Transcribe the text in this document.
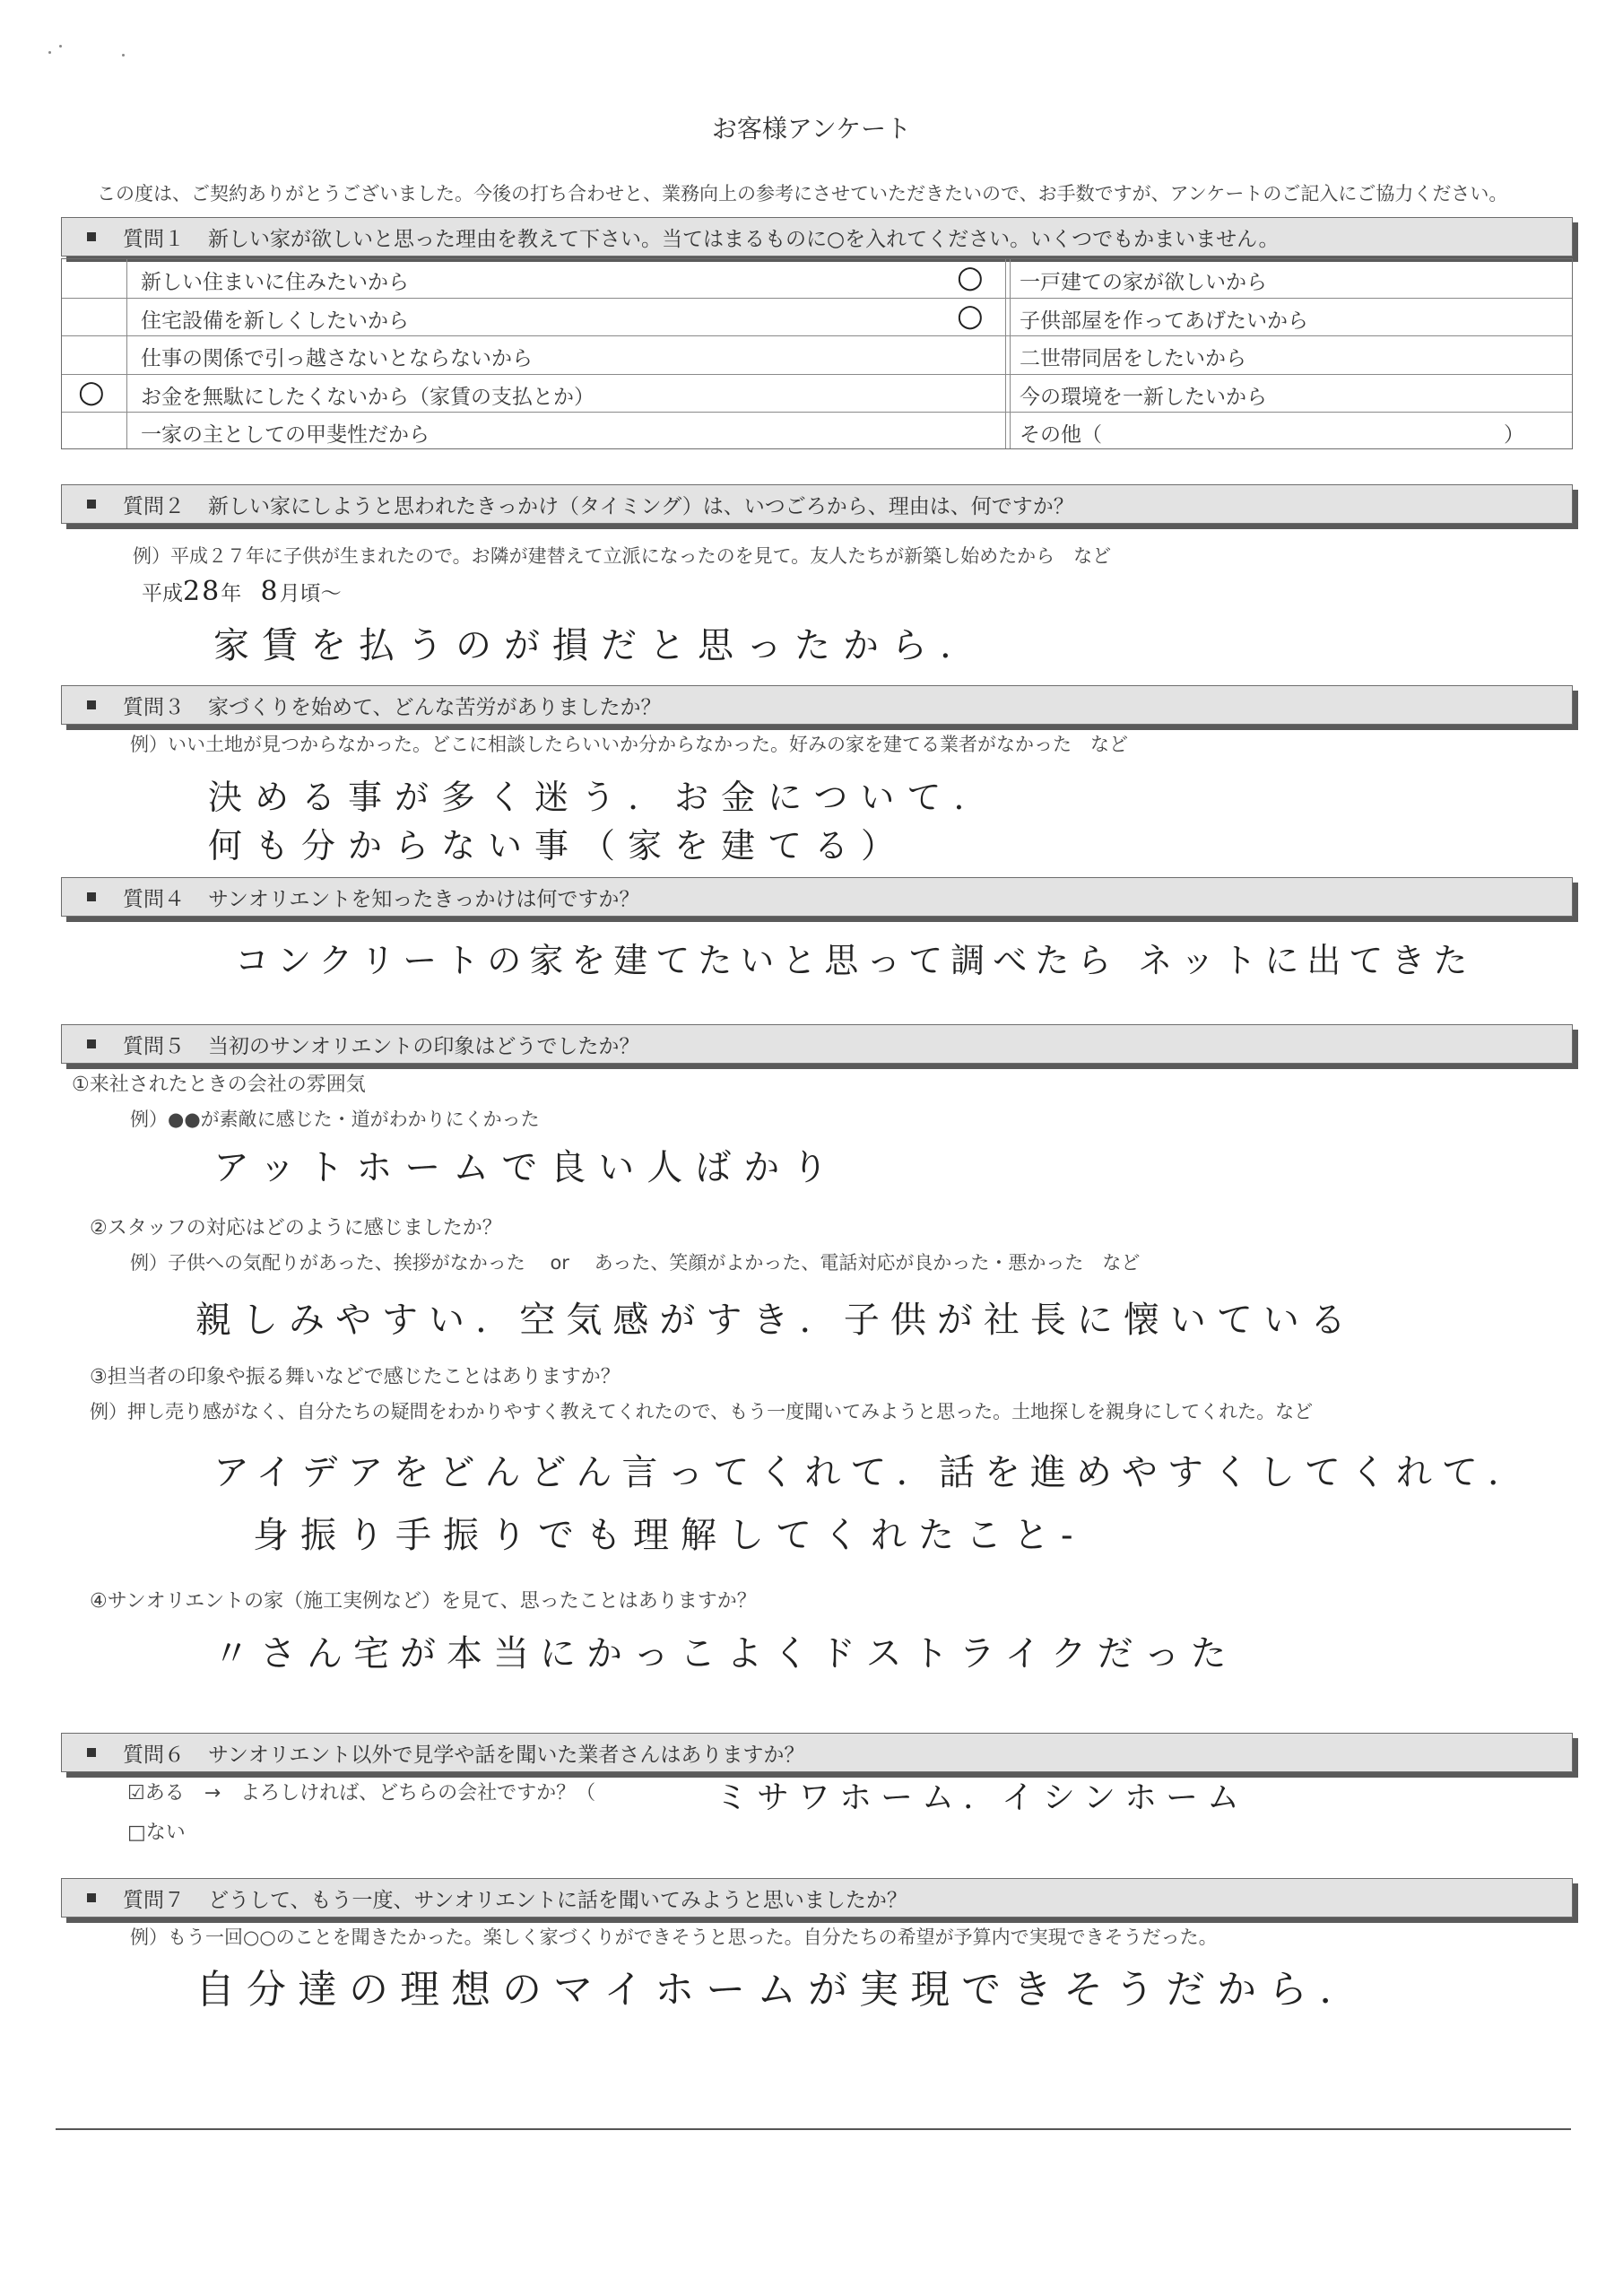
お客様アンケート
この度は、ご契約ありがとうございました。今後の打ち合わせと、業務向上の参考にさせていただきたいので、お手数ですが、アンケートのご記入にご協力ください。
質問１ 新しい家が欲しいと思った理由を教えて下さい。当てはまるものに○を入れてください。いくつでもかまいません。
新しい住まいに住みたいから	○ 一戸建ての家が欲しいから
住宅設備を新しくしたいから	○ 子供部屋を作ってあげたいから
仕事の関係で引っ越さないとならないから	二世帯同居をしたいから
○ お金を無駄にしたくないから（家賃の支払とか）	今の環境を一新したいから
一家の主としての甲斐性だから	その他（	）
質問２ 新しい家にしようと思われたきっかけ（タイミング）は、いつごろから、理由は、何ですか？
例）平成２７年に子供が生まれたので。お隣が建替えて立派になったのを見て。友人たちが新築し始めたから　など
平成28年 8月頃～
家賃を払うのが損だと思ったから.
質問３ 家づくりを始めて、どんな苦労がありましたか？
例）いい土地が見つからなかった。どこに相談したらいいか分からなかった。好みの家を建てる業者がなかった　など
決める事が多く迷う. お金について.
何も分からない事（家を建てる）
質問４ サンオリエントを知ったきっかけは何ですか？
コンクリートの家を建てたいと思って調べたら ネットに出てきた
質問５ 当初のサンオリエントの印象はどうでしたか？
①来社されたときの会社の雰囲気
例）●●が素敵に感じた・道がわかりにくかった
アットホームで良い人ばかり
②スタッフの対応はどのように感じましたか？
例）子供への気配りがあった、挨拶がなかった　 or 　あった、笑顔がよかった、電話対応が良かった・悪かった　など
親しみやすい. 空気感がすき. 子供が社長に懐いている
③担当者の印象や振る舞いなどで感じたことはありますか？
例）押し売り感がなく、自分たちの疑問をわかりやすく教えてくれたので、もう一度聞いてみようと思った。土地探しを親身にしてくれた。など
アイデアをどんどん言ってくれて. 話を進めやすくしてくれて.
身振り手振りでも理解してくれたこと-
④サンオリエントの家（施工実例など）を見て、思ったことはありますか？
〃さん宅が本当にかっこよくドストライクだった
質問６ サンオリエント以外で見学や話を聞いた業者さんはありますか？
☑ある　→　よろしければ、どちらの会社ですか？（	ミサワホーム. イシンホーム
□ない
質問７ どうして、もう一度、サンオリエントに話を聞いてみようと思いましたか？
例）もう一回○○のことを聞きたかった。楽しく家づくりができそうと思った。自分たちの希望が予算内で実現できそうだった。
自分達の理想のマイホームが実現できそうだから.
